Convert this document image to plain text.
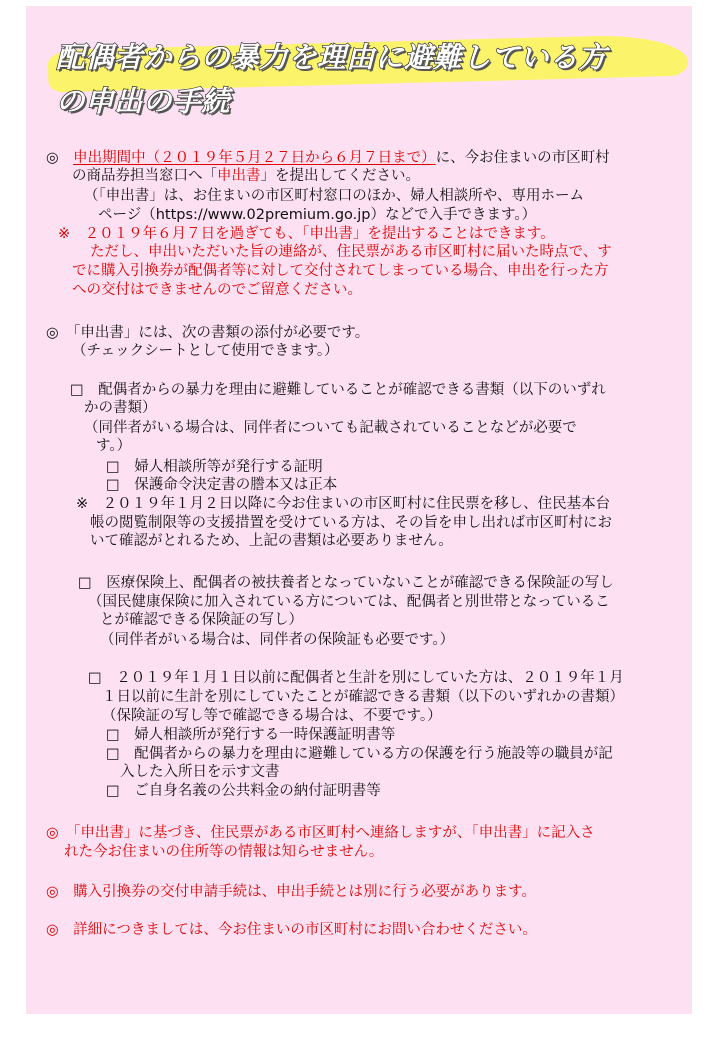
配偶者からの暴力を理由に避難している方
の申出の手続

◎　 申出期間中（２０１９年５月２７日から６月７日まで）に、今お住まいの市区町村

の商品券担当窓口へ「申出書」を提出してください。

（「申出書」は、お住まいの市区町村窓口のほか、婦人相談所や、専用ホーム

ページ（https://www.02premium.go.jp）などで入手できます。）

※　２０１９年６月７日を過ぎても、「申出書」を提出することはできます。

ただし、申出いただいた旨の連絡が、住民票がある市区町村に届いた時点で、す

でに購入引換券が配偶者等に対して交付されてしまっている場合、申出を行った方

への交付はできませんのでご留意ください。

◎　「申出書」には、次の書類の添付が必要です。

（チェックシートとして使用できます。）

□　配偶者からの暴力を理由に避難していることが確認できる書類（以下のいずれ

かの書類）

（同伴者がいる場合は、同伴者についても記載されていることなどが必要で

す。）

□　婦人相談所等が発行する証明

□　保護命令決定書の謄本又は正本

※　２０１９年１月２日以降に今お住まいの市区町村に住民票を移し、住民基本台

帳の閲覧制限等の支援措置を受けている方は、その旨を申し出れば市区町村にお

いて確認がとれるため、上記の書類は必要ありません。

□　医療保険上、配偶者の被扶養者となっていないことが確認できる保険証の写し

（国民健康保険に加入されている方については、配偶者と別世帯となっているこ

とが確認できる保険証の写し）

（同伴者がいる場合は、同伴者の保険証も必要です。）

□　２０１９年１月１日以前に配偶者と生計を別にしていた方は、２０１９年１月

１日以前に生計を別にしていたことが確認できる書類（以下のいずれかの書類）

（保険証の写し等で確認できる場合は、不要です。）

□　婦人相談所が発行する一時保護証明書等

□　配偶者からの暴力を理由に避難している方の保護を行う施設等の職員が記

入した入所日を示す文書

□　ご自身名義の公共料金の納付証明書等

◎　「申出書」に基づき、住民票がある市区町村へ連絡しますが、「申出書」に記入さ

れた今お住まいの住所等の情報は知らせません。

◎　購入引換券の交付申請手続は、申出手続とは別に行う必要があります。

◎　詳細につきましては、今お住まいの市区町村にお問い合わせください。
